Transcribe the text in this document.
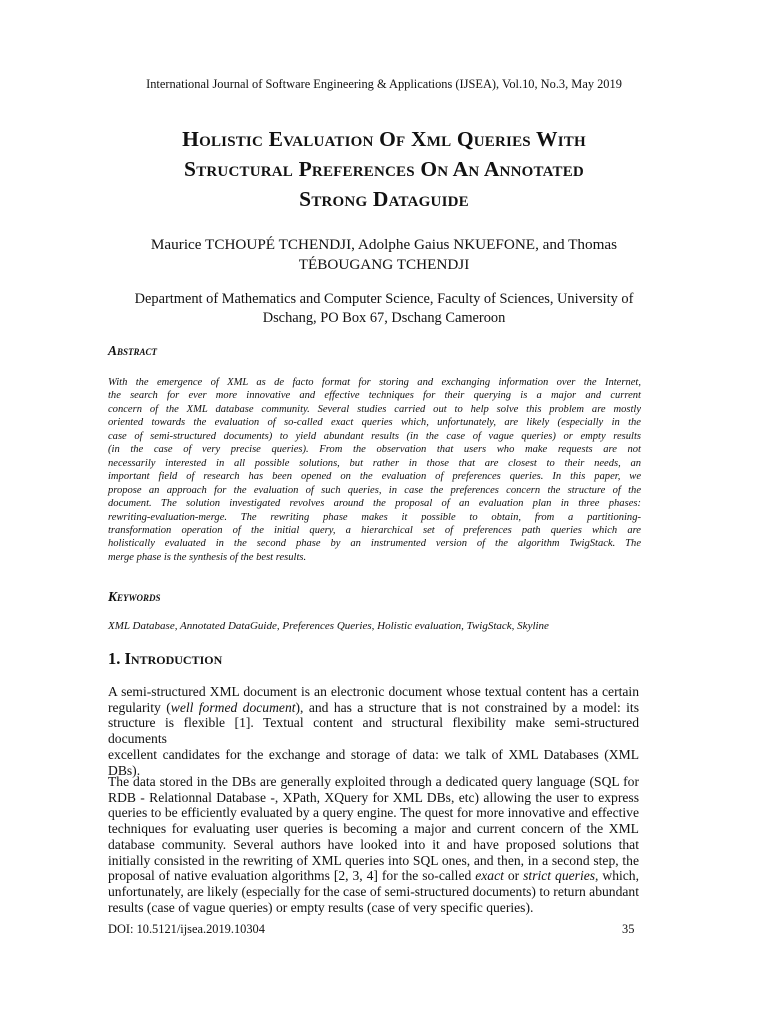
International Journal of Software Engineering & Applications (IJSEA), Vol.10, No.3, May 2019
Holistic Evaluation Of Xml Queries With
Structural Preferences On An Annotated
Strong Dataguide
Maurice TCHOUPÉ TCHENDJI, Adolphe Gaius NKUEFONE, and Thomas
TÉBOUGANG TCHENDJI
Department of Mathematics and Computer Science, Faculty of Sciences, University of
Dschang, PO Box 67, Dschang Cameroon
Abstract
With the emergence of XML as de facto format for storing and exchanging information over the Internet,
the search for ever more innovative and effective techniques for their querying is a major and current
concern of the XML database community. Several studies carried out to help solve this problem are mostly
oriented towards the evaluation of so-called exact queries which, unfortunately, are likely (especially in the
case of semi-structured documents) to yield abundant results (in the case of vague queries) or empty results
(in the case of very precise queries). From the observation that users who make requests are not
necessarily interested in all possible solutions, but rather in those that are closest to their needs, an
important field of research has been opened on the evaluation of preferences queries. In this paper, we
propose an approach for the evaluation of such queries, in case the preferences concern the structure of the
document. The solution investigated revolves around the proposal of an evaluation plan in three phases:
rewriting-evaluation-merge. The rewriting phase makes it possible to obtain, from a partitioning-
transformation operation of the initial query, a hierarchical set of preferences path queries which are
holistically evaluated in the second phase by an instrumented version of the algorithm TwigStack. The
merge phase is the synthesis of the best results.
Keywords
XML Database, Annotated DataGuide, Preferences Queries, Holistic evaluation, TwigStack, Skyline
1. Introduction
A semi-structured XML document is an electronic document whose textual content has a certain
regularity (well formed document), and has a structure that is not constrained by a model: its
structure is flexible [1]. Textual content and structural flexibility make semi-structured documents
excellent candidates for the exchange and storage of data: we talk of XML Databases (XML
DBs).
The data stored in the DBs are generally exploited through a dedicated query language (SQL for
RDB - Relationnal Database -, XPath, XQuery for XML DBs, etc) allowing the user to express
queries to be efficiently evaluated by a query engine. The quest for more innovative and effective
techniques for evaluating user queries is becoming a major and current concern of the XML
database community. Several authors have looked into it and have proposed solutions that
initially consisted in the rewriting of XML queries into SQL ones, and then, in a second step, the
proposal of native evaluation algorithms [2, 3, 4] for the so-called exact or strict queries, which,
unfortunately, are likely (especially for the case of semi-structured documents) to return abundant
results (case of vague queries) or empty results (case of very specific queries).
DOI: 10.5121/ijsea.2019.10304	35
